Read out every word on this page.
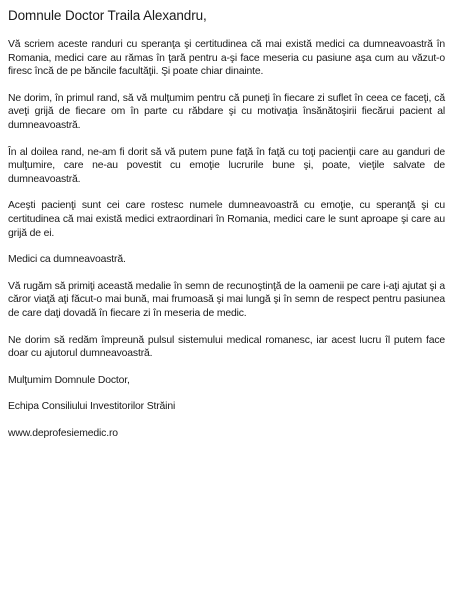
Domnule Doctor Traila Alexandru,

Vă scriem aceste randuri cu speranţa şi certitudinea că mai există medici ca dumneavoastră în Romania, medici care au rămas în ţară pentru a-şi face meseria cu pasiune aşa cum au văzut-o firesc încă de pe băncile facultăţii. Şi poate chiar dinainte.

Ne dorim, în primul rand, să vă mulţumim pentru că puneţi în fiecare zi suflet în ceea ce faceţi, că aveţi grijă de fiecare om în parte cu răbdare şi cu motivaţia însănătoşirii fiecărui pacient al dumneavoastră.

În al doilea rand, ne-am fi dorit să vă putem pune faţă în faţă cu toţi pacienţii care au ganduri de mulţumire, care ne-au povestit cu emoţie lucrurile bune şi, poate, vieţile salvate de dumneavoastră.

Aceşti pacienţi sunt cei care rostesc numele dumneavoastră cu emoţie, cu speranţă şi cu certitudinea că mai există medici extraordinari în Romania, medici care le sunt aproape şi care au grijă de ei.

Medici ca dumneavoastră.

Vă rugăm să primiţi această medalie în semn de recunoştinţă de la oamenii pe care i-aţi ajutat şi a căror viaţă aţi făcut-o mai bună, mai frumoasă şi mai lungă şi în semn de respect pentru pasiunea de care daţi dovadă în fiecare zi în meseria de medic.

Ne dorim să redăm împreună pulsul sistemului medical romanesc, iar acest lucru îl putem face doar cu ajutorul dumneavoastră.

Mulţumim Domnule Doctor,

Echipa Consiliului Investitorilor Străini

www.deprofesiemedic.ro
